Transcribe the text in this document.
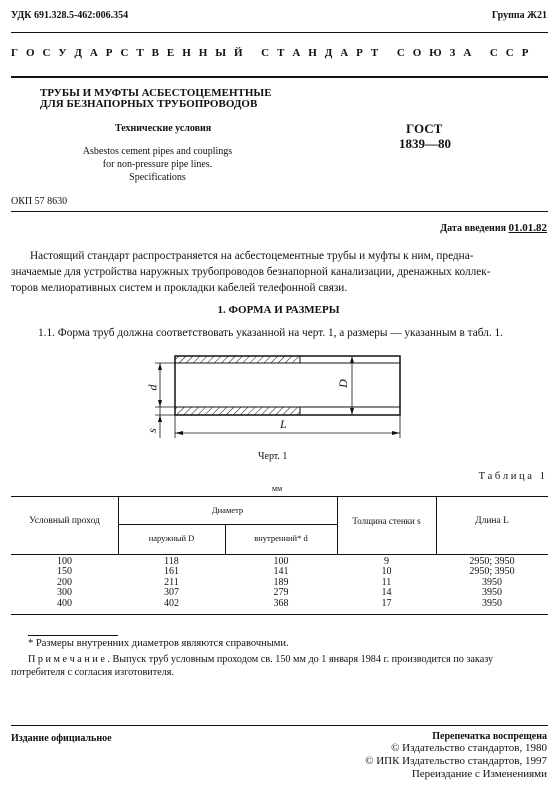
УДК 691.328.5-462:006.354	Группа Ж21
Г О С У Д А Р С Т В Е Н Н Ы Й   С Т А Н Д А Р Т   С О Ю З А   С С Р
ТРУБЫ И МУФТЫ АСБЕСТОЦЕМЕНТНЫЕ
ДЛЯ БЕЗНАПОРНЫХ ТРУБОПРОВОДОВ
Технические условия
Asbestos cement pipes and couplings
for non-pressure pipe lines.
Specifications
ГОСТ
1839—80
ОКП 57 8630
Дата введения 01.01.82
Настоящий стандарт распространяется на асбестоцементные трубы и муфты к ним, предна-
значаемые для устройства наружных трубопроводов безнапорной канализации, дренажных коллек-
торов мелиоративных систем и прокладки кабелей телефонной связи.
1. ФОРМА И РАЗМЕРЫ
1.1. Форма труб должна соответствовать указанной на черт. 1, а размеры — указанным в табл. 1.
d	D
s	L
Черт. 1
Т а б л и ц а   1
мм
Условный проход
Диаметр
наружный D	внутренний* d
Толщина стенки s	Длина L
100	118	100	9	2950; 3950
150	161	141	10	2950; 3950
200	211	189	11	3950
300	307	279	14	3950
400	402	368	17	3950
* Размеры внутренних диаметров являются справочными.
П р и м е ч а н и е . Выпуск труб условным проходом св. 150 мм до 1 января 1984 г. производится по заказу
потребителя с согласия изготовителя.
Издание официальное	Перепечатка воспрещена
© Издательство стандартов, 1980
© ИПК Издательство стандартов, 1997
Переиздание с Изменениями
